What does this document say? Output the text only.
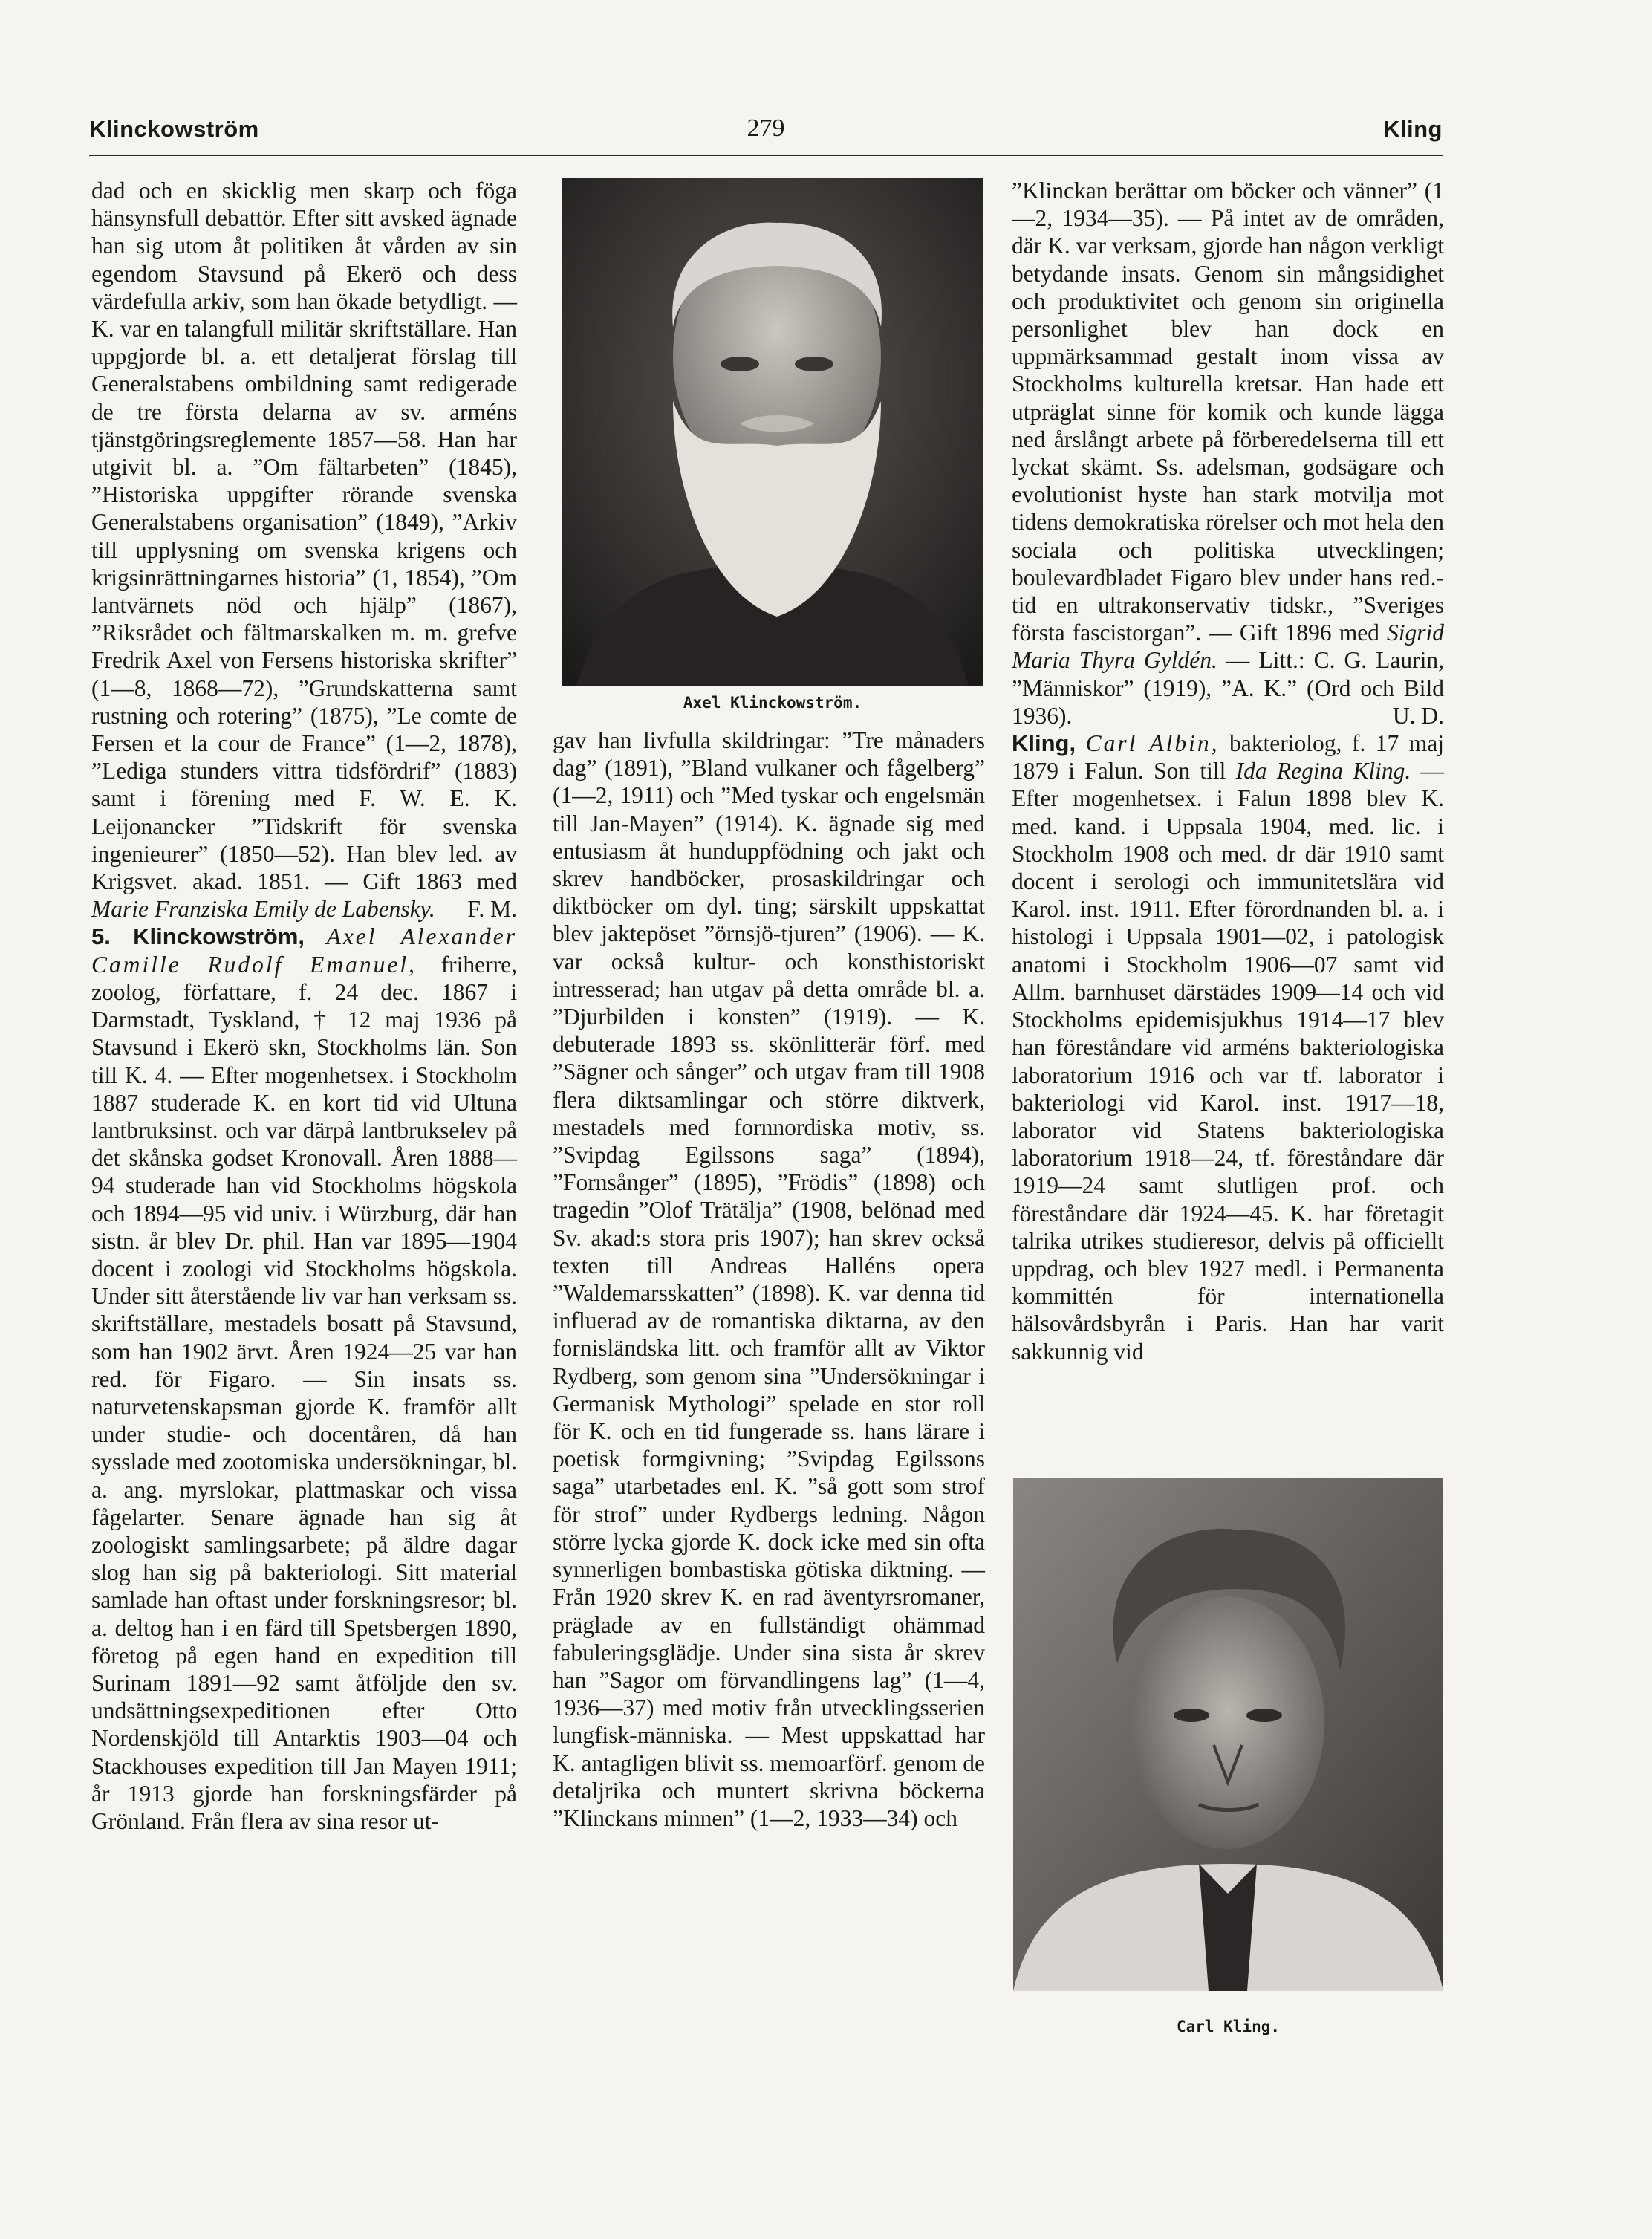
Klinckowström	279	Kling

dad och en skicklig men skarp och föga hänsynsfull debattör. Efter sitt avsked ägnade han sig utom åt politiken åt vården av sin egendom Stavsund på Ekerö och dess värdefulla arkiv, som han ökade betydligt. — K. var en talangfull militär skriftställare. Han uppgjorde bl. a. ett detaljerat förslag till Generalstabens ombildning samt redigerade de tre första delarna av sv. arméns tjänstgöringsreglemente 1857—58. Han har utgivit bl. a. ”Om fältarbeten” (1845), ”Historiska uppgifter rörande svenska Generalstabens organisation” (1849), ”Arkiv till upplysning om svenska krigens och krigsinrättningarnes historia” (1, 1854), ”Om lantvärnets nöd och hjälp” (1867), ”Riksrådet och fältmarskalken m. m. grefve Fredrik Axel von Fersens historiska skrifter” (1—8, 1868—72), ”Grundskatterna samt rustning och rotering” (1875), ”Le comte de Fersen et la cour de France” (1—2, 1878), ”Lediga stunders vittra tidsfördrif” (1883) samt i förening med F. W. E. K. Leijonancker ”Tidskrift för svenska ingenieurer” (1850—52). Han blev led. av Krigsvet. akad. 1851. — Gift 1863 med Marie Franziska Emily de Labensky. F. M.

5. Klinckowström, Axel Alexander Camille Rudolf Emanuel, friherre, zoolog, författare, f. 24 dec. 1867 i Darmstadt, Tyskland, † 12 maj 1936 på Stavsund i Ekerö skn, Stockholms län. Son till K. 4. — Efter mogenhetsex. i Stockholm 1887 studerade K. en kort tid vid Ultuna lantbruksinst. och var därpå lantbrukselev på det skånska godset Kronovall. Åren 1888—94 studerade han vid Stockholms högskola och 1894—95 vid univ. i Würzburg, där han sistn. år blev Dr. phil. Han var 1895—1904 docent i zoologi vid Stockholms högskola. Under sitt återstående liv var han verksam ss. skriftställare, mestadels bosatt på Stavsund, som han 1902 ärvt. Åren 1924—25 var han red. för Figaro. — Sin insats ss. naturvetenskapsman gjorde K. framför allt under studie- och docentåren, då han sysslade med zootomiska undersökningar, bl. a. ang. myrslokar, plattmaskar och vissa fågelarter. Senare ägnade han sig åt zoologiskt samlingsarbete; på äldre dagar slog han sig på bakteriologi. Sitt material samlade han oftast under forskningsresor; bl. a. deltog han i en färd till Spetsbergen 1890, företog på egen hand en expedition till Surinam 1891—92 samt åtföljde den sv. undsättningsexpeditionen efter Otto Nordenskjöld till Antarktis 1903—04 och Stackhouses expedition till Jan Mayen 1911; år 1913 gjorde han forskningsfärder på Grönland. Från flera av sina resor ut-

Axel Klinckowström.

gav han livfulla skildringar: ”Tre månaders dag” (1891), ”Bland vulkaner och fågelberg” (1—2, 1911) och ”Med tyskar och engelsmän till Jan-Mayen” (1914). K. ägnade sig med entusiasm åt hunduppfödning och jakt och skrev handböcker, prosaskildringar och diktböcker om dyl. ting; särskilt uppskattat blev jaktepöset ”örnsjö-tjuren” (1906). — K. var också kultur- och konsthistoriskt intresserad; han utgav på detta område bl. a. ”Djurbilden i konsten” (1919). — K. debuterade 1893 ss. skönlitterär förf. med ”Sägner och sånger” och utgav fram till 1908 flera diktsamlingar och större diktverk, mestadels med fornnordiska motiv, ss. ”Svipdag Egilssons saga” (1894), ”Fornsånger” (1895), ”Frödis” (1898) och tragedin ”Olof Trätälja” (1908, belönad med Sv. akad:s stora pris 1907); han skrev också texten till Andreas Halléns opera ”Waldemarsskatten” (1898). K. var denna tid influerad av de romantiska diktarna, av den fornisländska litt. och framför allt av Viktor Rydberg, som genom sina ”Undersökningar i Germanisk Mythologi” spelade en stor roll för K. och en tid fungerade ss. hans lärare i poetisk formgivning; ”Svipdag Egilssons saga” utarbetades enl. K. ”så gott som strof för strof” under Rydbergs ledning. Någon större lycka gjorde K. dock icke med sin ofta synnerligen bombastiska götiska diktning. — Från 1920 skrev K. en rad äventyrsromaner, präglade av en fullständigt ohämmad fabuleringsglädje. Under sina sista år skrev han ”Sagor om förvandlingens lag” (1—4, 1936—37) med motiv från utvecklingsserien lungfisk-människa. — Mest uppskattad har K. antagligen blivit ss. memoarförf. genom de detaljrika och muntert skrivna böckerna ”Klinckans minnen” (1—2, 1933—34) och

”Klinckan berättar om böcker och vänner” (1—2, 1934—35). — På intet av de områden, där K. var verksam, gjorde han någon verkligt betydande insats. Genom sin mångsidighet och produktivitet och genom sin originella personlighet blev han dock en uppmärksammad gestalt inom vissa av Stockholms kulturella kretsar. Han hade ett utpräglat sinne för komik och kunde lägga ned årslångt arbete på förberedelserna till ett lyckat skämt. Ss. adelsman, godsägare och evolutionist hyste han stark motvilja mot tidens demokratiska rörelser och mot hela den sociala och politiska utvecklingen; boulevardbladet Figaro blev under hans red.-tid en ultrakonservativ tidskr., ”Sveriges första fascistorgan”. — Gift 1896 med Sigrid Maria Thyra Gyldén. — Litt.: C. G. Laurin, ”Människor” (1919), ”A. K.” (Ord och Bild 1936).	U. D.

Kling, Carl Albin, bakteriolog, f. 17 maj 1879 i Falun. Son till Ida Regina Kling. — Efter mogenhetsex. i Falun 1898 blev K. med. kand. i Uppsala 1904, med. lic. i Stockholm 1908 och med. dr där 1910 samt docent i serologi och immunitetslära vid Karol. inst. 1911. Efter förordnanden bl. a. i histologi i Uppsala 1901—02, i patologisk anatomi i Stockholm 1906—07 samt vid Allm. barnhuset därstädes 1909—14 och vid Stockholms epidemisjukhus 1914—17 blev han föreståndare vid arméns bakteriologiska laboratorium 1916 och var tf. laborator i bakteriologi vid Karol. inst. 1917—18, laborator vid Statens bakteriologiska laboratorium 1918—24, tf. föreståndare där 1919—24 samt slutligen prof. och föreståndare där 1924—45. K. har företagit talrika utrikes studieresor, delvis på officiellt uppdrag, och blev 1927 medl. i Permanenta kommittén för internationella hälsovårdsbyrån i Paris. Han har varit sakkunnig vid

Carl Kling.
